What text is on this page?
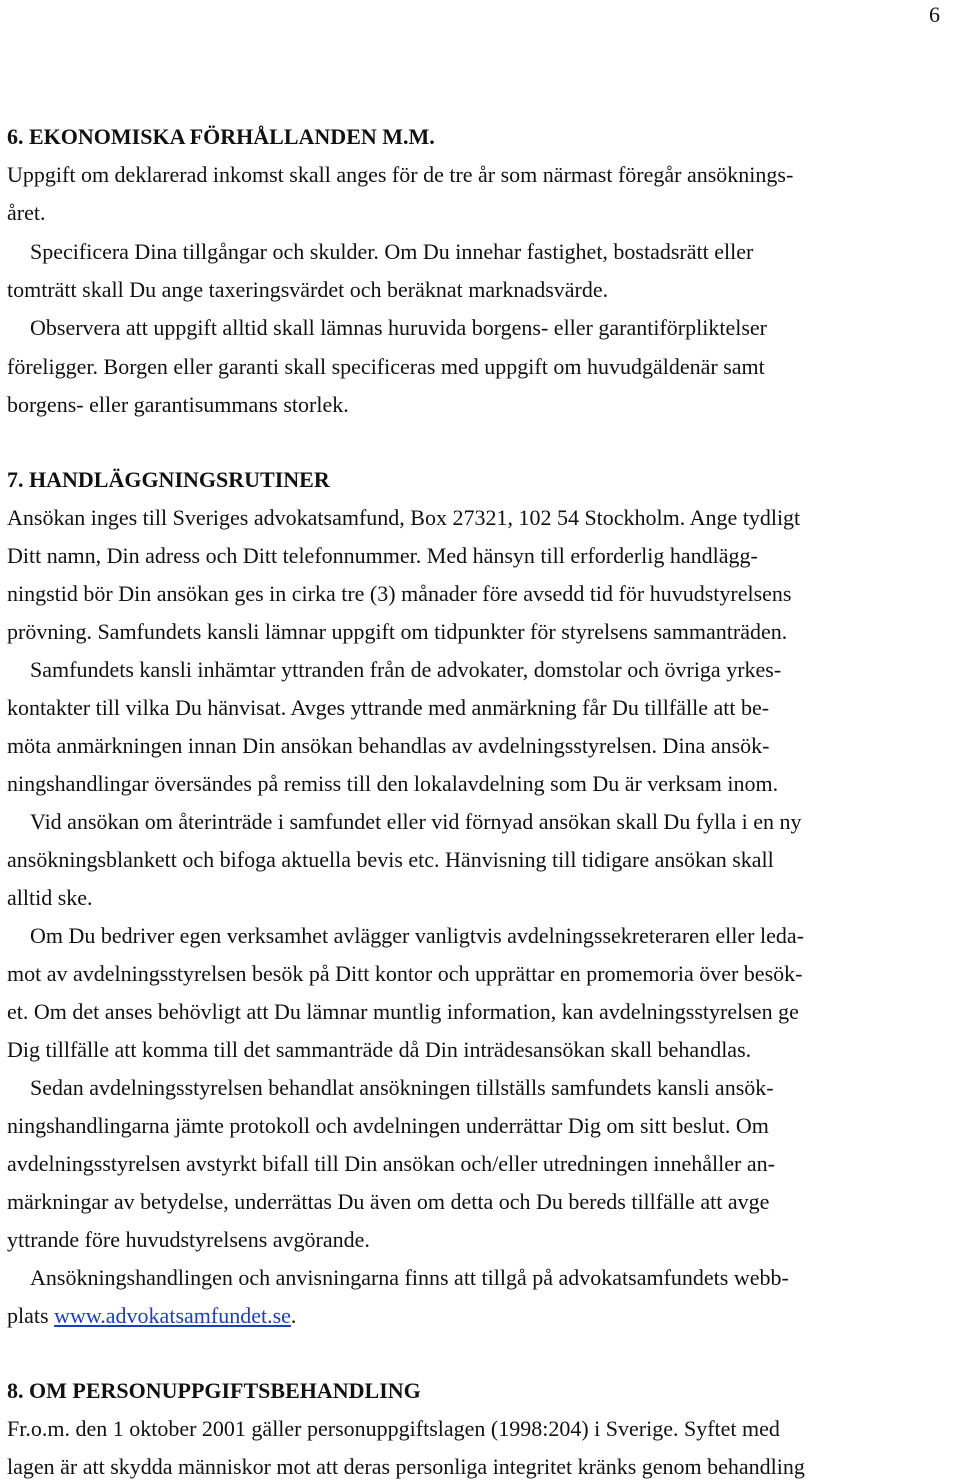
6
6. EKONOMISKA FÖRHÅLLANDEN M.M.
Uppgift om deklarerad inkomst skall anges för de tre år som närmast föregår ansöknings-
året.
Specificera Dina tillgångar och skulder. Om Du innehar fastighet, bostadsrätt eller
tomträtt skall Du ange taxeringsvärdet och beräknat marknadsvärde.
Observera att uppgift alltid skall lämnas huruvida borgens- eller garantiförpliktelser
föreligger. Borgen eller garanti skall specificeras med uppgift om huvudgäldenär samt
borgens- eller garantisummans storlek.
7. HANDLÄGGNINGSRUTINER
Ansökan inges till Sveriges advokatsamfund, Box 27321, 102 54 Stockholm. Ange tydligt
Ditt namn, Din adress och Ditt telefonnummer. Med hänsyn till erforderlig handlägg-
ningstid bör Din ansökan ges in cirka tre (3) månader före avsedd tid för huvudstyrelsens
prövning. Samfundets kansli lämnar uppgift om tidpunkter för styrelsens sammanträden.
Samfundets kansli inhämtar yttranden från de advokater, domstolar och övriga yrkes-
kontakter till vilka Du hänvisat. Avges yttrande med anmärkning får Du tillfälle att be-
möta anmärkningen innan Din ansökan behandlas av avdelningsstyrelsen. Dina ansök-
ningshandlingar översändes på remiss till den lokalavdelning som Du är verksam inom.
Vid ansökan om återinträde i samfundet eller vid förnyad ansökan skall Du fylla i en ny
ansökningsblankett och bifoga aktuella bevis etc. Hänvisning till tidigare ansökan skall
alltid ske.
Om Du bedriver egen verksamhet avlägger vanligtvis avdelningssekreteraren eller leda-
mot av avdelningsstyrelsen besök på Ditt kontor och upprättar en promemoria över besök-
et. Om det anses behövligt att Du lämnar muntlig information, kan avdelningsstyrelsen ge
Dig tillfälle att komma till det sammanträde då Din inträdesansökan skall behandlas.
Sedan avdelningsstyrelsen behandlat ansökningen tillställs samfundets kansli ansök-
ningshandlingarna jämte protokoll och avdelningen underrättar Dig om sitt beslut. Om
avdelningsstyrelsen avstyrkt bifall till Din ansökan och/eller utredningen innehåller an-
märkningar av betydelse, underrättas Du även om detta och Du bereds tillfälle att avge
yttrande före huvudstyrelsens avgörande.
Ansökningshandlingen och anvisningarna finns att tillgå på advokatsamfundets webb-
plats www.advokatsamfundet.se.
8. OM PERSONUPPGIFTSBEHANDLING
Fr.o.m. den 1 oktober 2001 gäller personuppgiftslagen (1998:204) i Sverige. Syftet med
lagen är att skydda människor mot att deras personliga integritet kränks genom behandling
